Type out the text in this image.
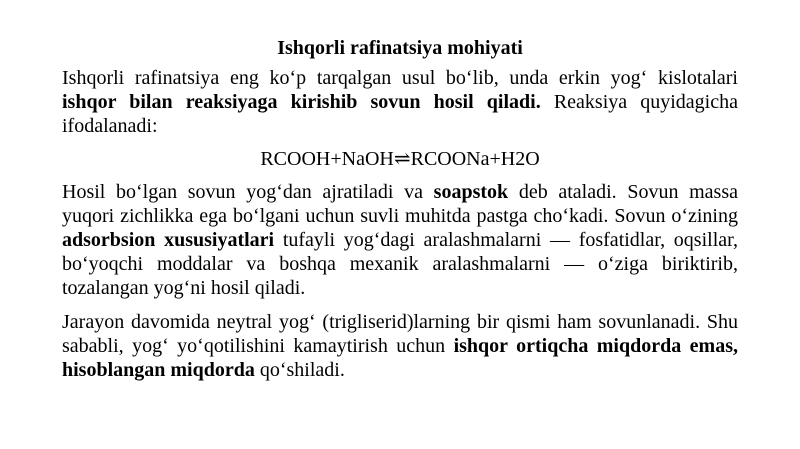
Ishqorli rafinatsiya mohiyati

Ishqorli rafinatsiya eng ko‘p tarqalgan usul bo‘lib, unda erkin yog‘ kislotalari ishqor bilan reaksiyaga kirishib sovun hosil qiladi. Reaksiya quyidagicha ifodalanadi:

RCOOH+NaOH⇌RCOONa+H2O

Hosil bo‘lgan sovun yog‘dan ajratiladi va soapstok deb ataladi. Sovun massa yuqori zichlikka ega bo‘lgani uchun suvli muhitda pastga cho‘kadi. Sovun o‘zining adsorbsion xususiyatlari tufayli yog‘dagi aralashmalarni — fosfatidlar, oqsillar, bo‘yoqchi moddalar va boshqa mexanik aralashmalarni — o‘ziga biriktirib, tozalangan yog‘ni hosil qiladi.

Jarayon davomida neytral yog‘ (trigliserid)larning bir qismi ham sovunlanadi. Shu sababli, yog‘ yo‘qotilishini kamaytirish uchun ishqor ortiqcha miqdorda emas, hisoblangan miqdorda qo‘shiladi.
